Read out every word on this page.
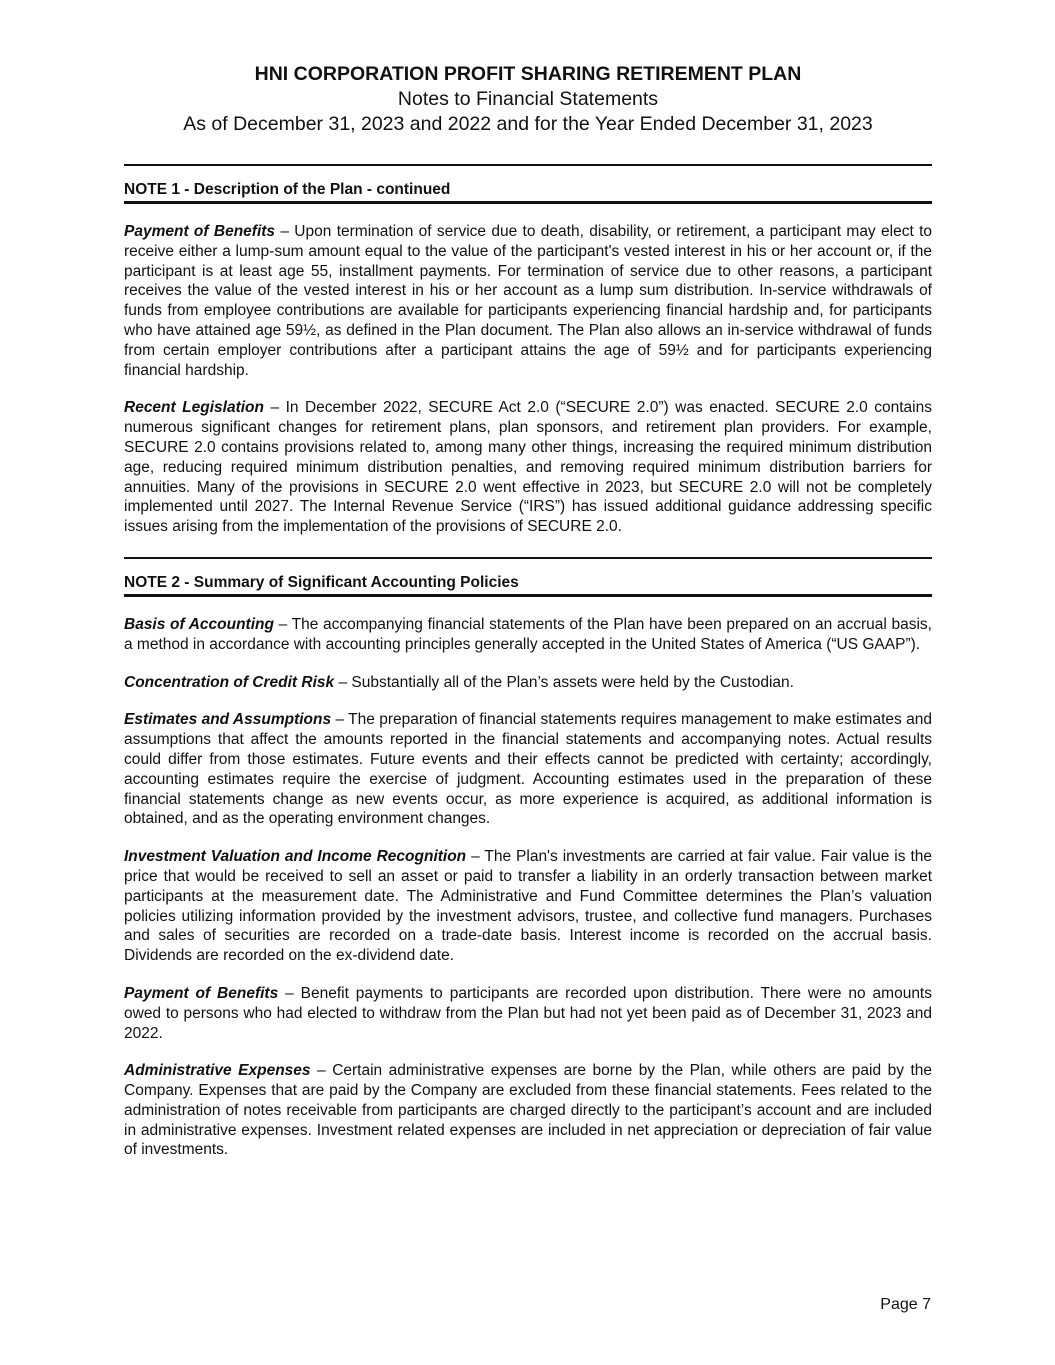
HNI CORPORATION PROFIT SHARING RETIREMENT PLAN
Notes to Financial Statements
As of December 31, 2023 and 2022 and for the Year Ended December 31, 2023
NOTE 1 - Description of the Plan - continued

Payment of Benefits – Upon termination of service due to death, disability, or retirement, a participant may elect to receive either a lump-sum amount equal to the value of the participant's vested interest in his or her account or, if the participant is at least age 55, installment payments. For termination of service due to other reasons, a participant receives the value of the vested interest in his or her account as a lump sum distribution. In-service withdrawals of funds from employee contributions are available for participants experiencing financial hardship and, for participants who have attained age 59½, as defined in the Plan document. The Plan also allows an in-service withdrawal of funds from certain employer contributions after a participant attains the age of 59½ and for participants experiencing financial hardship.

Recent Legislation – In December 2022, SECURE Act 2.0 (“SECURE 2.0”) was enacted. SECURE 2.0 contains numerous significant changes for retirement plans, plan sponsors, and retirement plan providers. For example, SECURE 2.0 contains provisions related to, among many other things, increasing the required minimum distribution age, reducing required minimum distribution penalties, and removing required minimum distribution barriers for annuities. Many of the provisions in SECURE 2.0 went effective in 2023, but SECURE 2.0 will not be completely implemented until 2027. The Internal Revenue Service (“IRS”) has issued additional guidance addressing specific issues arising from the implementation of the provisions of SECURE 2.0.

NOTE 2 - Summary of Significant Accounting Policies

Basis of Accounting – The accompanying financial statements of the Plan have been prepared on an accrual basis, a method in accordance with accounting principles generally accepted in the United States of America (“US GAAP”).

Concentration of Credit Risk – Substantially all of the Plan’s assets were held by the Custodian.

Estimates and Assumptions – The preparation of financial statements requires management to make estimates and assumptions that affect the amounts reported in the financial statements and accompanying notes. Actual results could differ from those estimates. Future events and their effects cannot be predicted with certainty; accordingly, accounting estimates require the exercise of judgment. Accounting estimates used in the preparation of these financial statements change as new events occur, as more experience is acquired, as additional information is obtained, and as the operating environment changes.

Investment Valuation and Income Recognition – The Plan's investments are carried at fair value. Fair value is the price that would be received to sell an asset or paid to transfer a liability in an orderly transaction between market participants at the measurement date. The Administrative and Fund Committee determines the Plan’s valuation policies utilizing information provided by the investment advisors, trustee, and collective fund managers. Purchases and sales of securities are recorded on a trade-date basis. Interest income is recorded on the accrual basis. Dividends are recorded on the ex-dividend date.

Payment of Benefits – Benefit payments to participants are recorded upon distribution. There were no amounts owed to persons who had elected to withdraw from the Plan but had not yet been paid as of December 31, 2023 and 2022.

Administrative Expenses – Certain administrative expenses are borne by the Plan, while others are paid by the Company. Expenses that are paid by the Company are excluded from these financial statements. Fees related to the administration of notes receivable from participants are charged directly to the participant’s account and are included in administrative expenses. Investment related expenses are included in net appreciation or depreciation of fair value of investments.

Page 7
